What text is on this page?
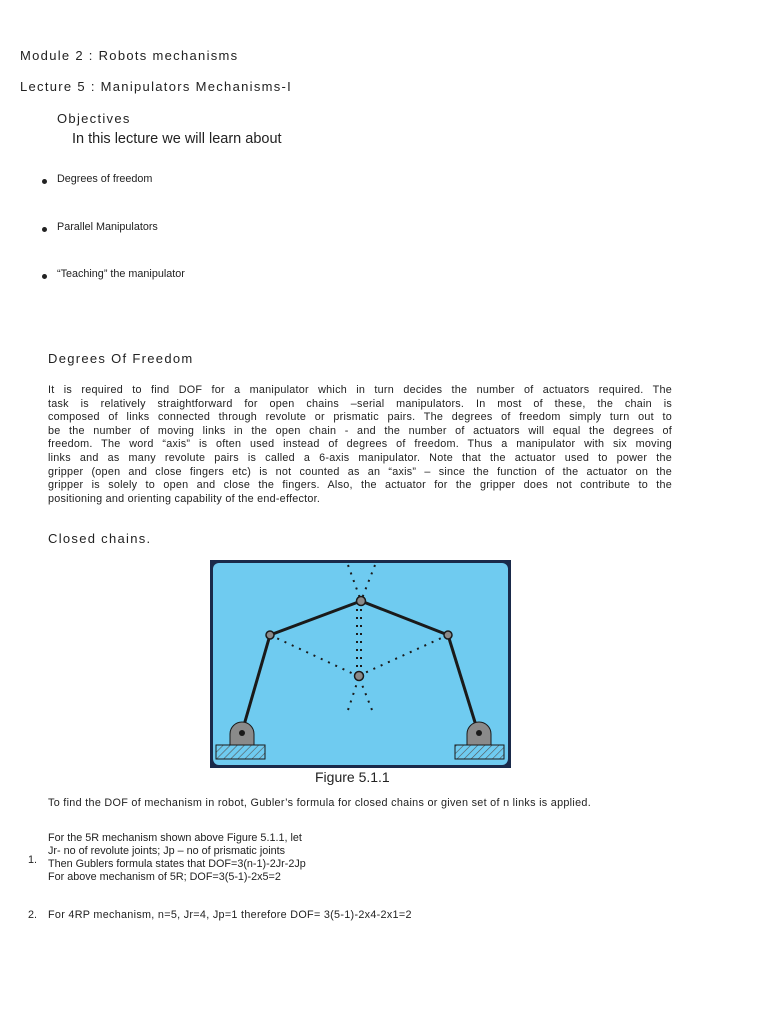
Module 2 : Robots mechanisms
Lecture 5 : Manipulators Mechanisms-I
Objectives
In this lecture we will learn about
Degrees of freedom
Parallel Manipulators
“Teaching” the manipulator
Degrees Of Freedom
It is required to find DOF for a manipulator which in turn decides the number of actuators required. The
task is relatively straightforward for open chains –serial manipulators. In most of these, the chain is
composed of links connected through revolute or prismatic pairs. The degrees of freedom simply turn out to
be the number of moving links in the open chain - and the number of actuators will equal the degrees of
freedom. The word “axis” is often used instead of degrees of freedom. Thus a manipulator with six moving
links and as many revolute pairs is called a 6-axis manipulator. Note that the actuator used to power the
gripper (open and close fingers etc) is not counted as an “axis” – since the function of the actuator on the
gripper is solely to open and close the fingers. Also, the actuator for the gripper does not contribute to the
positioning and orienting capability of the end-effector.
Closed chains.
Figure 5.1.1
To find the DOF of mechanism in robot, Gubler’s formula for closed chains or given set of n links is applied.
1.
For the 5R mechanism shown above Figure 5.1.1, let
Jr- no of revolute joints; Jp – no of prismatic joints
Then Gublers formula states that DOF=3(n-1)-2Jr-2Jp
For above mechanism of 5R; DOF=3(5-1)-2x5=2
2. For 4RP mechanism, n=5, Jr=4, Jp=1 therefore DOF= 3(5-1)-2x4-2x1=2
